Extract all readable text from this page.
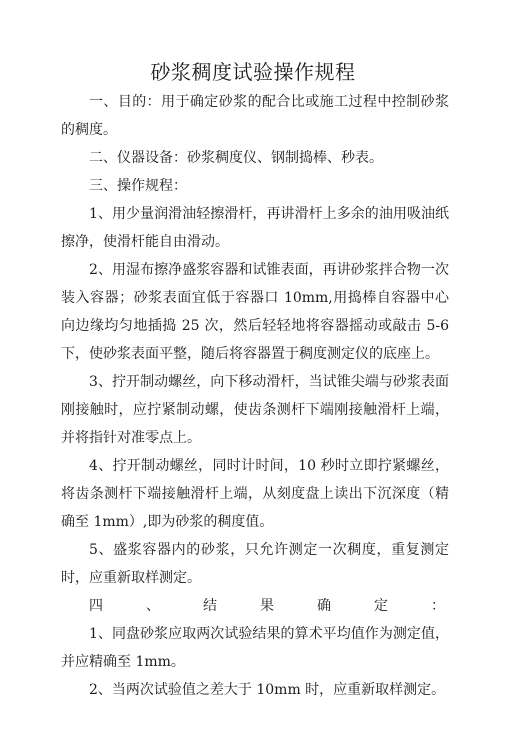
砂浆稠度试验操作规程

一、目的：用于确定砂浆的配合比或施工过程中控制砂浆的稠度。

二、仪器设备：砂浆稠度仪、钢制捣棒、秒表。

三、操作规程：

1、用少量润滑油轻擦滑杆，再讲滑杆上多余的油用吸油纸擦净，使滑杆能自由滑动。

2、用湿布擦净盛浆容器和试锥表面，再讲砂浆拌合物一次装入容器；砂浆表面宜低于容器口 10mm,用捣棒自容器中心向边缘均匀地插捣 25 次，然后轻轻地将容器摇动或敲击 5-6 下，使砂浆表面平整，随后将容器置于稠度测定仪的底座上。

3、拧开制动螺丝，向下移动滑杆，当试锥尖端与砂浆表面刚接触时，应拧紧制动螺，使齿条测杆下端刚接触滑杆上端，并将指针对准零点上。

4、拧开制动螺丝，同时计时间，10 秒时立即拧紧螺丝，将齿条测杆下端接触滑杆上端，从刻度盘上读出下沉深度（精确至 1mm）,即为砂浆的稠度值。

5、盛浆容器内的砂浆，只允许测定一次稠度，重复测定时，应重新取样测定。

四	、	结	果	确	定	：

1、同盘砂浆应取两次试验结果的算术平均值作为测定值，并应精确至 1mm。

2、当两次试验值之差大于 10mm 时，应重新取样测定。
